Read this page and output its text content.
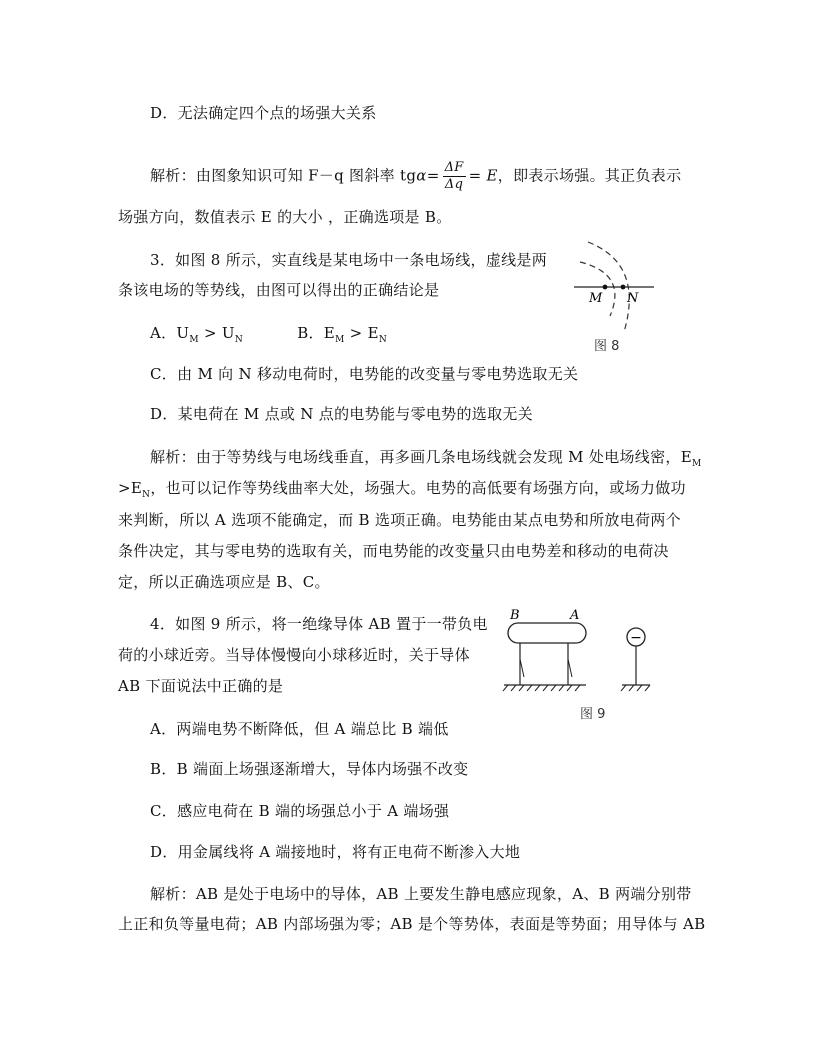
D．无法确定四个点的场强大关系
解析：由图象知识可知 F－q 图斜率 $tg\alpha= \frac{\Delta F}{\Delta q} = E$，即表示场强。其正负表示
场强方向，数值表示 E 的大小 ，正确选项是 B。
3．如图 8 所示，实直线是某电场中一条电场线，虚线是两
条该电场的等势线，由图可以得出的正确结论是
A．$U_M > U_N$	B．$E_M > E_N$
C．由 M 向 N 移动电荷时，电势能的改变量与零电势选取无关
D．某电荷在 M 点或 N 点的电势能与零电势的选取无关
解析：由于等势线与电场线垂直，再多画几条电场线就会发现 M 处电场线密，$E_M$
$>E_N$，也可以记作等势线曲率大处，场强大。电势的高低要有场强方向，或场力做功
来判断，所以 A 选项不能确定，而 B 选项正确。电势能由某点电势和所放电荷两个
条件决定，其与零电势的选取有关，而电势能的改变量只由电势差和移动的电荷决
定，所以正确选项应是 B、C。
4．如图 9 所示，将一绝缘导体 AB 置于一带负电
荷的小球近旁。当导体慢慢向小球移近时，关于导体
AB 下面说法中正确的是
A．两端电势不断降低，但 A 端总比 B 端低
B．B 端面上场强逐渐增大，导体内场强不改变
C．感应电荷在 B 端的场强总小于 A 端场强
D．用金属线将 A 端接地时，将有正电荷不断渗入大地
解析：AB 是处于电场中的导体，AB 上要发生静电感应现象，A、B 两端分别带
上正和负等量电荷；AB 内部场强为零；AB 是个等势体，表面是等势面；用导体与 AB
M N
图 8
B	A
−
图 9
